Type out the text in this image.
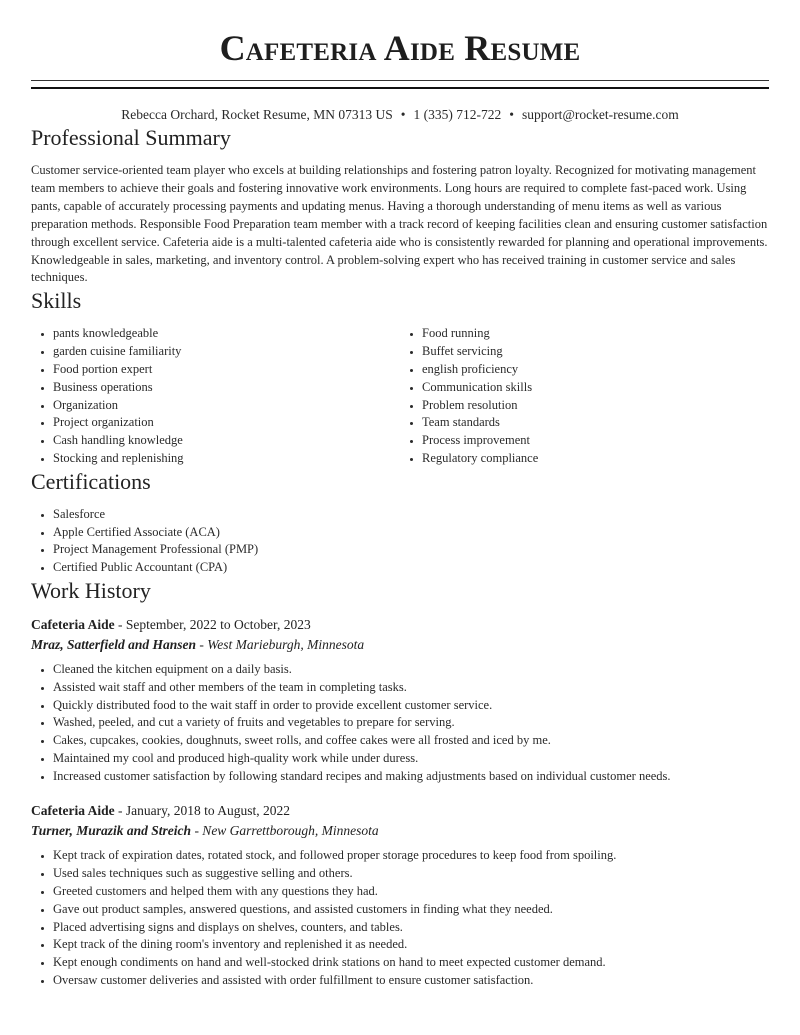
Cafeteria Aide Resume
Rebecca Orchard, Rocket Resume, MN 07313 US • 1 (335) 712-722 • support@rocket-resume.com
Professional Summary

Customer service-oriented team player who excels at building relationships and fostering patron loyalty. Recognized for motivating management team members to achieve their goals and fostering innovative work environments. Long hours are required to complete fast-paced work. Using pants, capable of accurately processing payments and updating menus. Having a thorough understanding of menu items as well as various preparation methods. Responsible Food Preparation team member with a track record of keeping facilities clean and ensuring customer satisfaction through excellent service. Cafeteria aide is a multi-talented cafeteria aide who is consistently rewarded for planning and operational improvements. Knowledgeable in sales, marketing, and inventory control. A problem-solving expert who has received training in customer service and sales techniques.

Skills
• pants knowledgeable
• garden cuisine familiarity
• Food portion expert
• Business operations
• Organization
• Project organization
• Cash handling knowledge
• Stocking and replenishing
• Food running
• Buffet servicing
• english proficiency
• Communication skills
• Problem resolution
• Team standards
• Process improvement
• Regulatory compliance
Certifications
• Salesforce
• Apple Certified Associate (ACA)
• Project Management Professional (PMP)
• Certified Public Accountant (CPA)
Work History
Cafeteria Aide - September, 2022 to October, 2023
Mraz, Satterfield and Hansen - West Marieburgh, Minnesota
• Cleaned the kitchen equipment on a daily basis.
• Assisted wait staff and other members of the team in completing tasks.
• Quickly distributed food to the wait staff in order to provide excellent customer service.
• Washed, peeled, and cut a variety of fruits and vegetables to prepare for serving.
• Cakes, cupcakes, cookies, doughnuts, sweet rolls, and coffee cakes were all frosted and iced by me.
• Maintained my cool and produced high-quality work while under duress.
• Increased customer satisfaction by following standard recipes and making adjustments based on individual customer needs.
Cafeteria Aide - January, 2018 to August, 2022
Turner, Murazik and Streich - New Garrettborough, Minnesota
• Kept track of expiration dates, rotated stock, and followed proper storage procedures to keep food from spoiling.
• Used sales techniques such as suggestive selling and others.
• Greeted customers and helped them with any questions they had.
• Gave out product samples, answered questions, and assisted customers in finding what they needed.
• Placed advertising signs and displays on shelves, counters, and tables.
• Kept track of the dining room's inventory and replenished it as needed.
• Kept enough condiments on hand and well-stocked drink stations on hand to meet expected customer demand.
• Oversaw customer deliveries and assisted with order fulfillment to ensure customer satisfaction.
